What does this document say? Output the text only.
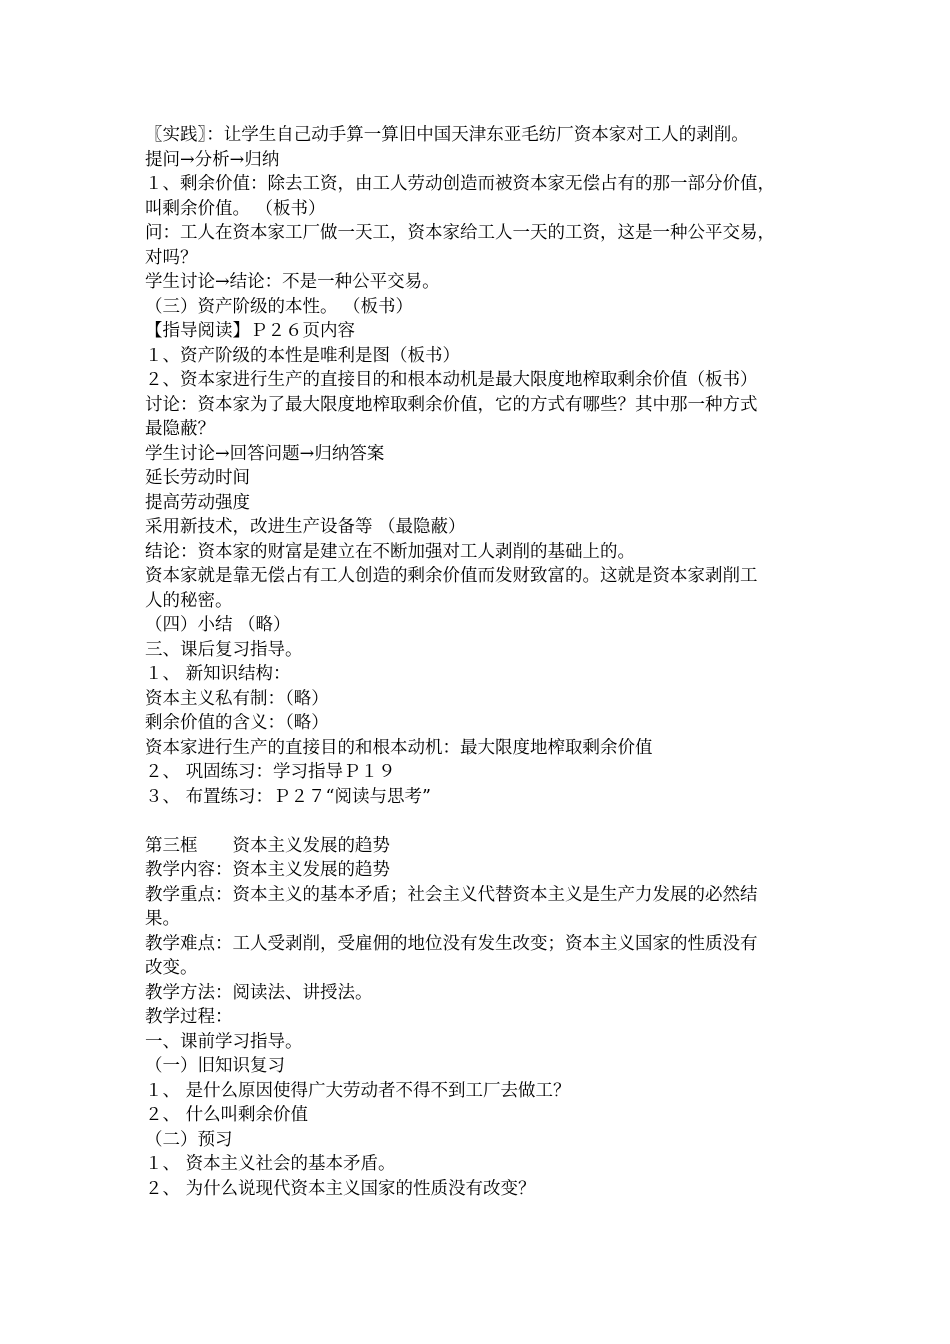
〖实践〗：让学生自己动手算一算旧中国天津东亚毛纺厂资本家对工人的剥削。

提问→分析→归纳

１、剩余价值：除去工资，由工人劳动创造而被资本家无偿占有的那一部分价值，

叫剩余价值。 （板书）

问：工人在资本家工厂做一天工，资本家给工人一天的工资，这是一种公平交易，

对吗？

学生讨论→结论：不是一种公平交易。

（三）资产阶级的本性。 （板书）

【指导阅读】Ｐ２６页内容

１、资产阶级的本性是唯利是图（板书）

２、资本家进行生产的直接目的和根本动机是最大限度地榨取剩余价值（板书）

讨论：资本家为了最大限度地榨取剩余价值，它的方式有哪些？其中那一种方式

最隐蔽？

学生讨论→回答问题→归纳答案

延长劳动时间

提高劳动强度

采用新技术，改进生产设备等 （最隐蔽）

结论：资本家的财富是建立在不断加强对工人剥削的基础上的。

资本家就是靠无偿占有工人创造的剩余价值而发财致富的。这就是资本家剥削工

人的秘密。

（四）小结 （略）

三、课后复习指导。

１、 新知识结构：

资本主义私有制：（略）

剩余价值的含义：（略）

资本家进行生产的直接目的和根本动机：最大限度地榨取剩余价值

２、 巩固练习：学习指导Ｐ１９

３、 布置练习：Ｐ２７“阅读与思考”

第三框　　资本主义发展的趋势

教学内容：资本主义发展的趋势

教学重点：资本主义的基本矛盾；社会主义代替资本主义是生产力发展的必然结

果。

教学难点：工人受剥削，受雇佣的地位没有发生改变；资本主义国家的性质没有

改变。

教学方法：阅读法、讲授法。

教学过程：

一、课前学习指导。

（一）旧知识复习

１、 是什么原因使得广大劳动者不得不到工厂去做工？

２、 什么叫剩余价值

（二）预习

１、 资本主义社会的基本矛盾。

２、 为什么说现代资本主义国家的性质没有改变？
